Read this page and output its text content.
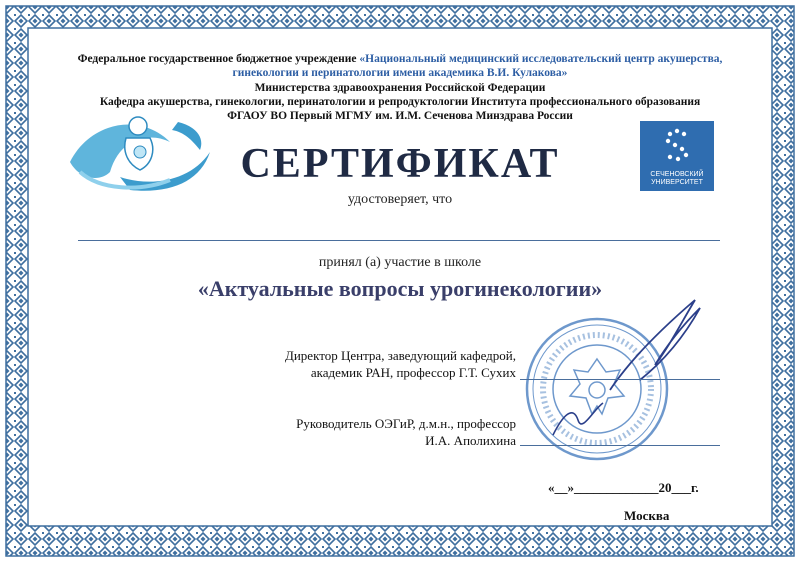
СЕЧЕНОВСКИЙ
УНИВЕРСИТЕТ
Федеральное государственное бюджетное учреждение «Национальный медицинский исследовательский центр акушерства,
гинекологии и перинатологии имени академика В.И. Кулакова»
Министерства здравоохранения Российской Федерации
Кафедра акушерства, гинекологии, перинатологии и репродуктологии Института профессионального образования
ФГАОУ ВО Первый МГМУ им. И.М. Сеченова Минздрава России
СЕРТИФИКАТ
удостоверяет, что
принял (а) участие в школе
«Актуальные вопросы урогинекологии»
Директор Центра, заведующий кафедрой,
академик РАН, профессор Г.Т. Сухих
Руководитель ОЭГиР, д.м.н., профессор
И.А. Аполихина
«__»_____________20___г.
Москва
